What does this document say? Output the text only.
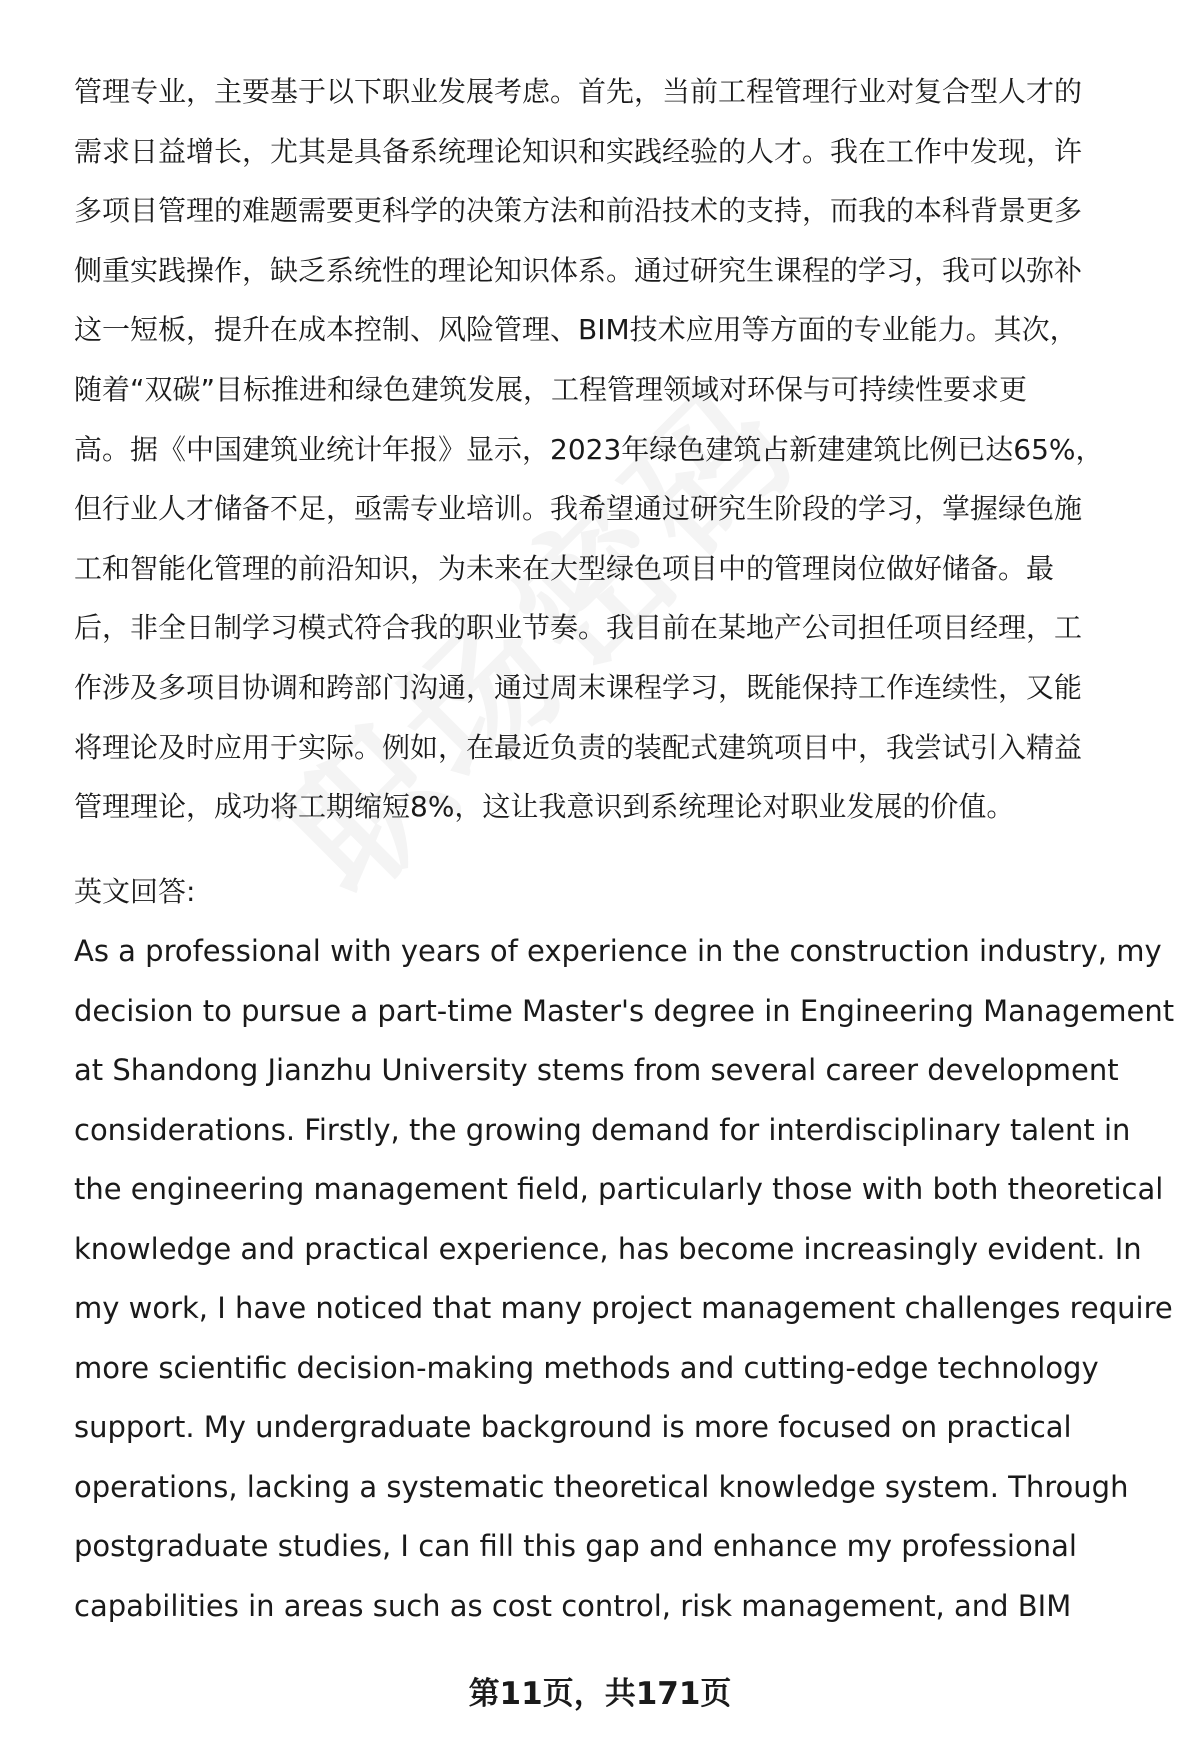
管理专业，主要基于以下职业发展考虑。首先，当前工程管理行业对复合型人才的
需求日益增长，尤其是具备系统理论知识和实践经验的人才。我在工作中发现，许
多项目管理的难题需要更科学的决策方法和前沿技术的支持，而我的本科背景更多
侧重实践操作，缺乏系统性的理论知识体系。通过研究生课程的学习，我可以弥补
这一短板，提升在成本控制、风险管理、BIM技术应用等方面的专业能力。其次，
随着“双碳”目标推进和绿色建筑发展，工程管理领域对环保与可持续性要求更
高。据《中国建筑业统计年报》显示，2023年绿色建筑占新建建筑比例已达65%，
但行业人才储备不足，亟需专业培训。我希望通过研究生阶段的学习，掌握绿色施
工和智能化管理的前沿知识，为未来在大型绿色项目中的管理岗位做好储备。最
后，非全日制学习模式符合我的职业节奏。我目前在某地产公司担任项目经理，工
作涉及多项目协调和跨部门沟通，通过周末课程学习，既能保持工作连续性，又能
将理论及时应用于实际。例如，在最近负责的装配式建筑项目中，我尝试引入精益
管理理论，成功将工期缩短8%，这让我意识到系统理论对职业发展的价值。
英文回答:
As a professional with years of experience in the construction industry, my
decision to pursue a part-time Master's degree in Engineering Management
at Shandong Jianzhu University stems from several career development
considerations. Firstly, the growing demand for interdisciplinary talent in
the engineering management field, particularly those with both theoretical
knowledge and practical experience, has become increasingly evident. In
my work, I have noticed that many project management challenges require
more scientific decision-making methods and cutting-edge technology
support. My undergraduate background is more focused on practical
operations, lacking a systematic theoretical knowledge system. Through
postgraduate studies, I can fill this gap and enhance my professional
capabilities in areas such as cost control, risk management, and BIM
第11页，共171页
